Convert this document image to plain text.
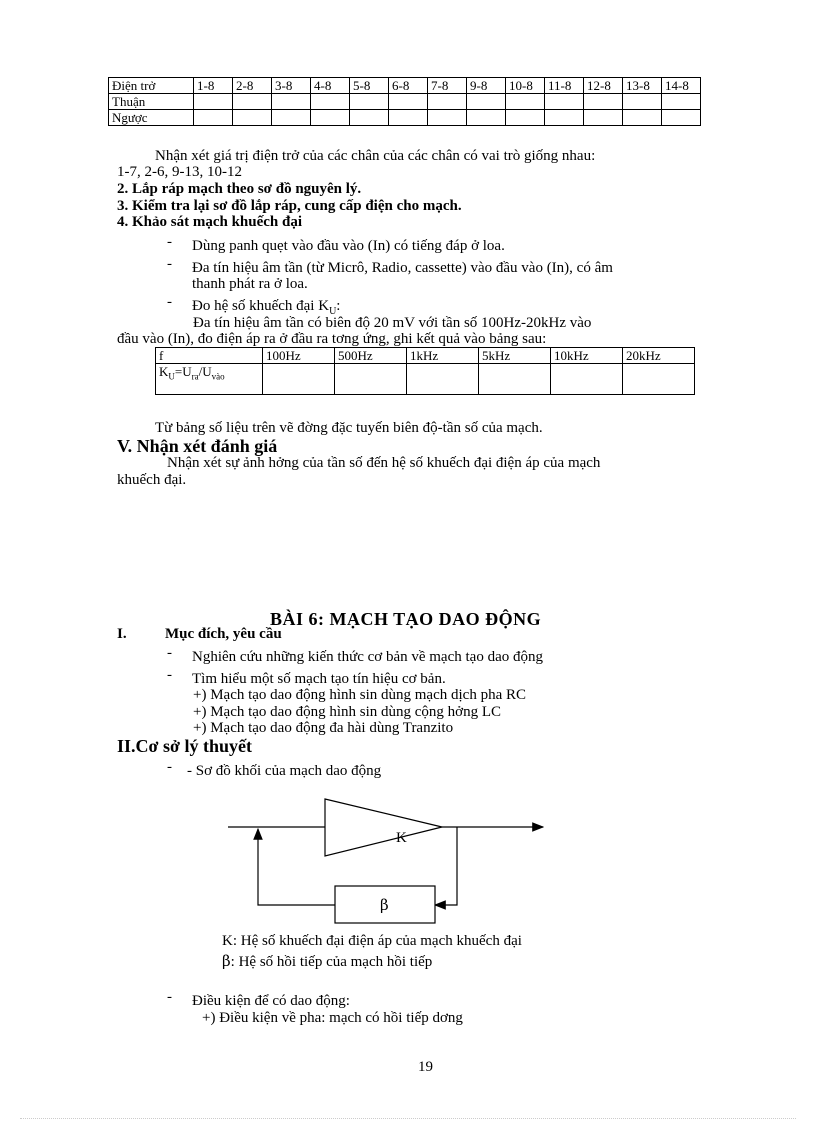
Điện trở	1-8	2-8	3-8	4-8	5-8	6-8	7-8	9-8	10-8	11-8	12-8	13-8	14-8
Thuận													
Ngược													
Nhận xét giá trị điện trở của các chân của các chân có vai trò giống nhau:
1-7, 2-6, 9-13, 10-12
2. Lắp ráp mạch theo sơ đồ nguyên lý.
3. Kiểm tra lại sơ đồ lắp ráp, cung cấp điện cho mạch.
4. Khảo sát mạch khuếch đại
- Dùng panh quẹt vào đầu vào (In) có tiếng đáp ở loa.
- Đa tín hiệu âm tần (từ Micrô, Radio, cassette) vào đầu vào (In), có âm
thanh phát ra ở loa.
- Đo hệ số khuếch đại $K_U$:
Đa tín hiệu âm tần có biên độ 20 mV với tần số 100Hz-20kHz vào
đầu vào (In), đo điện áp ra ở đầu ra tơng ứng, ghi kết quả vào bảng sau:
f	100Hz	500Hz	1kHz	5kHz	10kHz	20kHz
$K_U=U_{ra}/U_{vào}$						
Từ bảng số liệu trên vẽ đờng đặc tuyến biên độ-tần số của mạch.
V. Nhận xét đánh giá
Nhận xét sự ảnh hởng của tần số đến hệ số khuếch đại điện áp của mạch
khuếch đại.
BÀI 6: MẠCH TẠO DAO ĐỘNG
I.	Mục đích, yêu cầu
- Nghiên cứu những kiến thức cơ bản về mạch tạo dao động
- Tìm hiểu một số mạch tạo tín hiệu cơ bản.
+) Mạch tạo dao động hình sin dùng mạch dịch pha RC
+) Mạch tạo dao động hình sin dùng cộng hởng LC
+) Mạch tạo dao động đa hài dùng Tranzito
II.Cơ sở lý thuyết
- - Sơ đồ khối của mạch dao động
K
β
K: Hệ số khuếch đại điện áp của mạch khuếch đại
β: Hệ số hồi tiếp của mạch hồi tiếp
- Điều kiện để có dao động:
+) Điều kiện về pha: mạch có hồi tiếp dơng
19
